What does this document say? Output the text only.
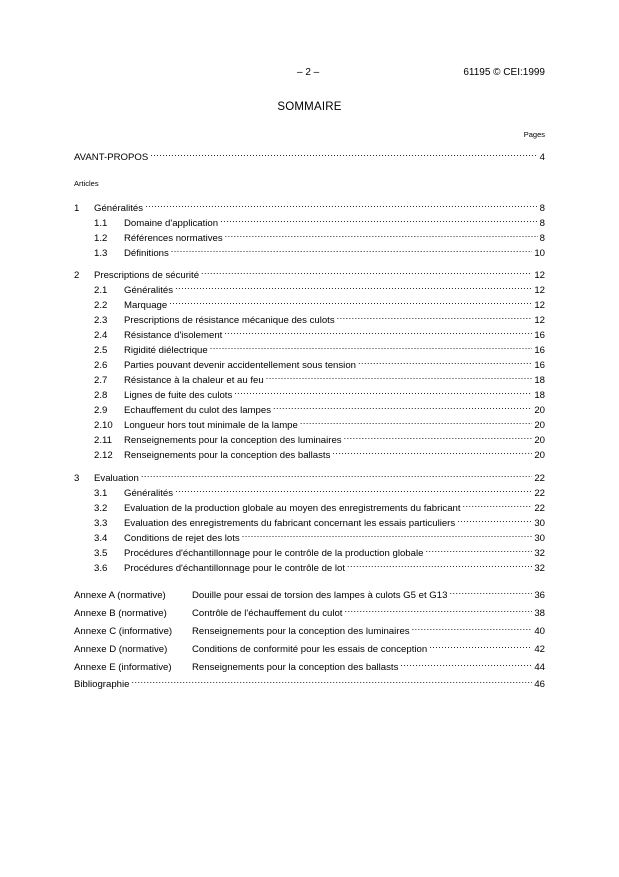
– 2 –	61195 © CEI:1999
SOMMAIRE
Pages
Articles
AVANT-PROPOS .....	4
1	Généralités .....	8
1.1	Domaine d'application .....	8
1.2	Références normatives .....	8
1.3	Définitions .....	10
2	Prescriptions de sécurité .....	12
2.1	Généralités .....	12
2.2	Marquage .....	12
2.3	Prescriptions de résistance mécanique des culots .....	12
2.4	Résistance d'isolement .....	16
2.5	Rigidité diélectrique .....	16
2.6	Parties pouvant devenir accidentellement sous tension .....	16
2.7	Résistance à la chaleur et au feu .....	18
2.8	Lignes de fuite des culots .....	18
2.9	Echauffement du culot des lampes .....	20
2.10	Longueur hors tout minimale de la lampe .....	20
2.11	Renseignements pour la conception des luminaires .....	20
2.12	Renseignements pour la conception des ballasts .....	20
3	Evaluation .....	22
3.1	Généralités .....	22
3.2	Evaluation de la production globale au moyen des enregistrements du fabricant .....	22
3.3	Evaluation des enregistrements du fabricant concernant les essais particuliers .....	30
3.4	Conditions de rejet des lots .....	30
3.5	Procédures d'échantillonnage pour le contrôle de la production globale .....	32
3.6	Procédures d'échantillonnage pour le contrôle de lot .....	32
Annexe A (normative)	Douille pour essai de torsion des lampes à culots G5 et G13 .....	36
Annexe B (normative)	Contrôle de l'échauffement du culot .....	38
Annexe C (informative)	Renseignements pour la conception des luminaires .....	40
Annexe D (normative)	Conditions de conformité pour les essais de conception .....	42
Annexe E (informative)	Renseignements pour la conception des ballasts .....	44
Bibliographie .....	46
